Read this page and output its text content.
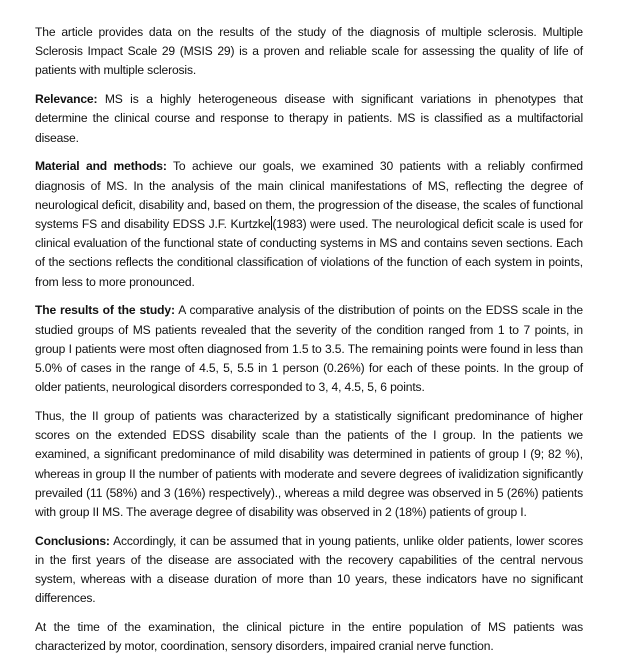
The article provides data on the results of the study of the diagnosis of multiple sclerosis. Multiple Sclerosis Impact Scale 29 (MSIS 29) is a proven and reliable scale for assessing the quality of life of patients with multiple sclerosis.

Relevance: MS is a highly heterogeneous disease with significant variations in phenotypes that determine the clinical course and response to therapy in patients. MS is classified as a multifactorial disease.

Material and methods: To achieve our goals, we examined 30 patients with a reliably confirmed diagnosis of MS. In the analysis of the main clinical manifestations of MS, reflecting the degree of neurological deficit, disability and, based on them, the progression of the disease, the scales of functional systems FS and disability EDSS J.F. Kurtzke (1983) were used. The neurological deficit scale is used for clinical evaluation of the functional state of conducting systems in MS and contains seven sections. Each of the sections reflects the conditional classification of violations of the function of each system in points, from less to more pronounced.

The results of the study: A comparative analysis of the distribution of points on the EDSS scale in the studied groups of MS patients revealed that the severity of the condition ranged from 1 to 7 points, in group I patients were most often diagnosed from 1.5 to 3.5. The remaining points were found in less than 5.0% of cases in the range of 4.5, 5, 5.5 in 1 person (0.26%) for each of these points. In the group of older patients, neurological disorders corresponded to 3, 4, 4.5, 5, 6 points.

Thus, the II group of patients was characterized by a statistically significant predominance of higher scores on the extended EDSS disability scale than the patients of the I group. In the patients we examined, a significant predominance of mild disability was determined in patients of group I (9; 82 %), whereas in group II the number of patients with moderate and severe degrees of ivalidization significantly prevailed (11 (58%) and 3 (16%) respectively)., whereas a mild degree was observed in 5 (26%) patients with group II MS. The average degree of disability was observed in 2 (18%) patients of group I.

Conclusions: Accordingly, it can be assumed that in young patients, unlike older patients, lower scores in the first years of the disease are associated with the recovery capabilities of the central nervous system, whereas with a disease duration of more than 10 years, these indicators have no significant differences.

At the time of the examination, the clinical picture in the entire population of MS patients was characterized by motor, coordination, sensory disorders, impaired cranial nerve function.
